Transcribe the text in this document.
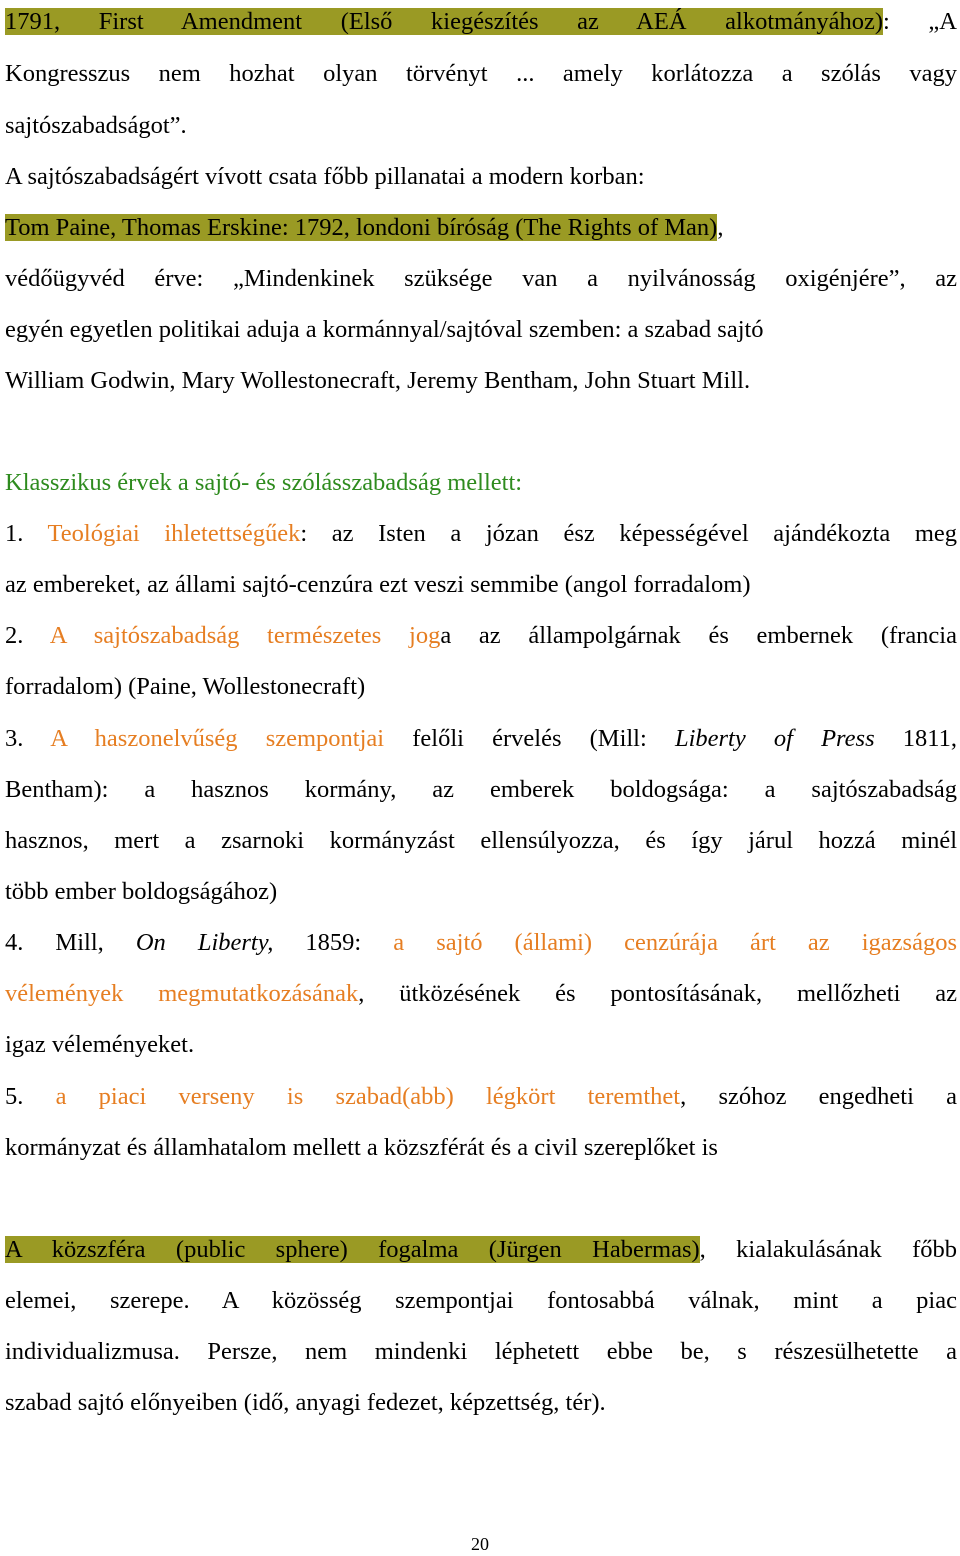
1791, First Amendment (Első kiegészítés az AEÁ alkotmányához): „A
Kongresszus nem hozhat olyan törvényt ... amely korlátozza a szólás vagy
sajtószabadságot”.
A sajtószabadságért vívott csata főbb pillanatai a modern korban:
Tom Paine, Thomas Erskine: 1792, londoni bíróság (The Rights of Man),
védőügyvéd érve: „Mindenkinek szüksége van a nyilvánosság oxigénjére”, az
egyén egyetlen politikai aduja a kormánnyal/sajtóval szemben: a szabad sajtó
William Godwin, Mary Wollestonecraft, Jeremy Bentham, John Stuart Mill.
Klasszikus érvek a sajtó- és szólásszabadság mellett:
1. Teológiai ihletettségűek: az Isten a józan ész képességével ajándékozta meg
az embereket, az állami sajtó-cenzúra ezt veszi semmibe (angol forradalom)
2. A sajtószabadság természetes joga az állampolgárnak és embernek (francia
forradalom) (Paine, Wollestonecraft)
3. A haszonelvűség szempontjai felőli érvelés (Mill: Liberty of Press 1811,
Bentham): a hasznos kormány, az emberek boldogsága: a sajtószabadság
hasznos, mert a zsarnoki kormányzást ellensúlyozza, és így járul hozzá minél
több ember boldogságához)
4. Mill, On Liberty, 1859: a sajtó (állami) cenzúrája árt az igazságos
vélemények megmutatkozásának, ütközésének és pontosításának, mellőzheti az
igaz véleményeket.
5. a piaci verseny is szabad(abb) légkört teremthet, szóhoz engedheti a
kormányzat és államhatalom mellett a közszférát és a civil szereplőket is
A közszféra (public sphere) fogalma (Jürgen Habermas), kialakulásának főbb
elemei, szerepe. A közösség szempontjai fontosabbá válnak, mint a piac
individualizmusa. Persze, nem mindenki léphetett ebbe be, s részesülhetette a
szabad sajtó előnyeiben (idő, anyagi fedezet, képzettség, tér).
20
